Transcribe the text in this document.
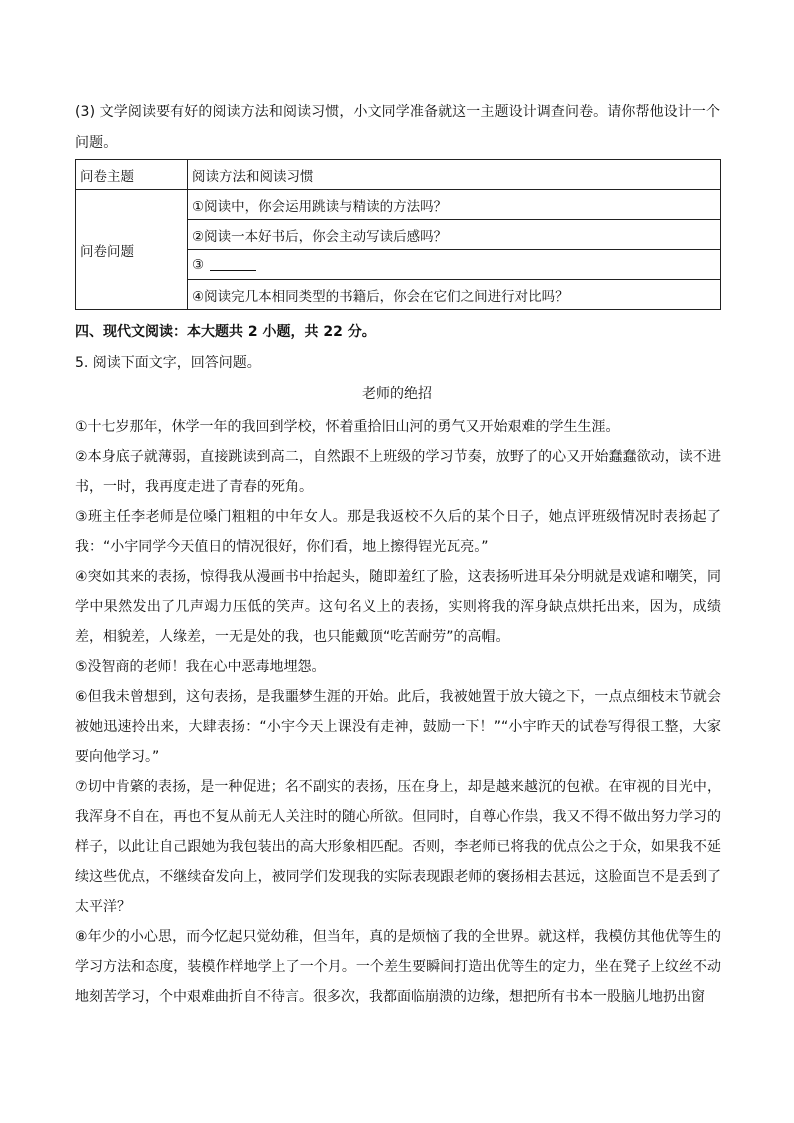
(3) 文学阅读要有好的阅读方法和阅读习惯，小文同学准备就这一主题设计调查问卷。请你帮他设计一个
问题。
问卷主题	阅读方法和阅读习惯
问卷问题	①阅读中，你会运用跳读与精读的方法吗？
	②阅读一本好书后，你会主动写读后感吗？
	③
	④阅读完几本相同类型的书籍后，你会在它们之间进行对比吗？
四、现代文阅读：本大题共 2 小题，共 22 分。
5. 阅读下面文字，回答问题。
老师的绝招

①十七岁那年，休学一年的我回到学校，怀着重拾旧山河的勇气又开始艰难的学生生涯。

②本身底子就薄弱，直接跳读到高二，自然跟不上班级的学习节奏，放野了的心又开始蠢蠢欲动，读不进书，一时，我再度走进了青春的死角。

③班主任李老师是位嗓门粗粗的中年女人。那是我返校不久后的某个日子，她点评班级情况时表扬起了我：“小宇同学今天值日的情况很好，你们看，地上擦得锃光瓦亮。”

④突如其来的表扬，惊得我从漫画书中抬起头，随即羞红了脸，这表扬听进耳朵分明就是戏谑和嘲笑，同学中果然发出了几声竭力压低的笑声。这句名义上的表扬，实则将我的浑身缺点烘托出来，因为，成绩差，相貌差，人缘差，一无是处的我，也只能戴顶“吃苦耐劳”的高帽。

⑤没智商的老师！我在心中恶毒地埋怨。

⑥但我未曾想到，这句表扬，是我噩梦生涯的开始。此后，我被她置于放大镜之下，一点点细枝末节就会被她迅速拎出来，大肆表扬：“小宇今天上课没有走神，鼓励一下！”“小宇昨天的试卷写得很工整，大家要向他学习。”

⑦切中肯綮的表扬，是一种促进；名不副实的表扬，压在身上，却是越来越沉的包袱。在审视的目光中，我浑身不自在，再也不复从前无人关注时的随心所欲。但同时，自尊心作祟，我又不得不做出努力学习的样子，以此让自己跟她为我包装出的高大形象相匹配。否则，李老师已将我的优点公之于众，如果我不延续这些优点，不继续奋发向上，被同学们发现我的实际表现跟老师的褒扬相去甚远，这脸面岂不是丢到了太平洋？

⑧年少的小心思，而今忆起只觉幼稚，但当年，真的是烦恼了我的全世界。就这样，我模仿其他优等生的学习方法和态度，装模作样地学上了一个月。一个差生要瞬间打造出优等生的定力，坐在凳子上纹丝不动地刻苦学习，个中艰难曲折自不待言。很多次，我都面临崩溃的边缘，想把所有书本一股脑儿地扔出窗
